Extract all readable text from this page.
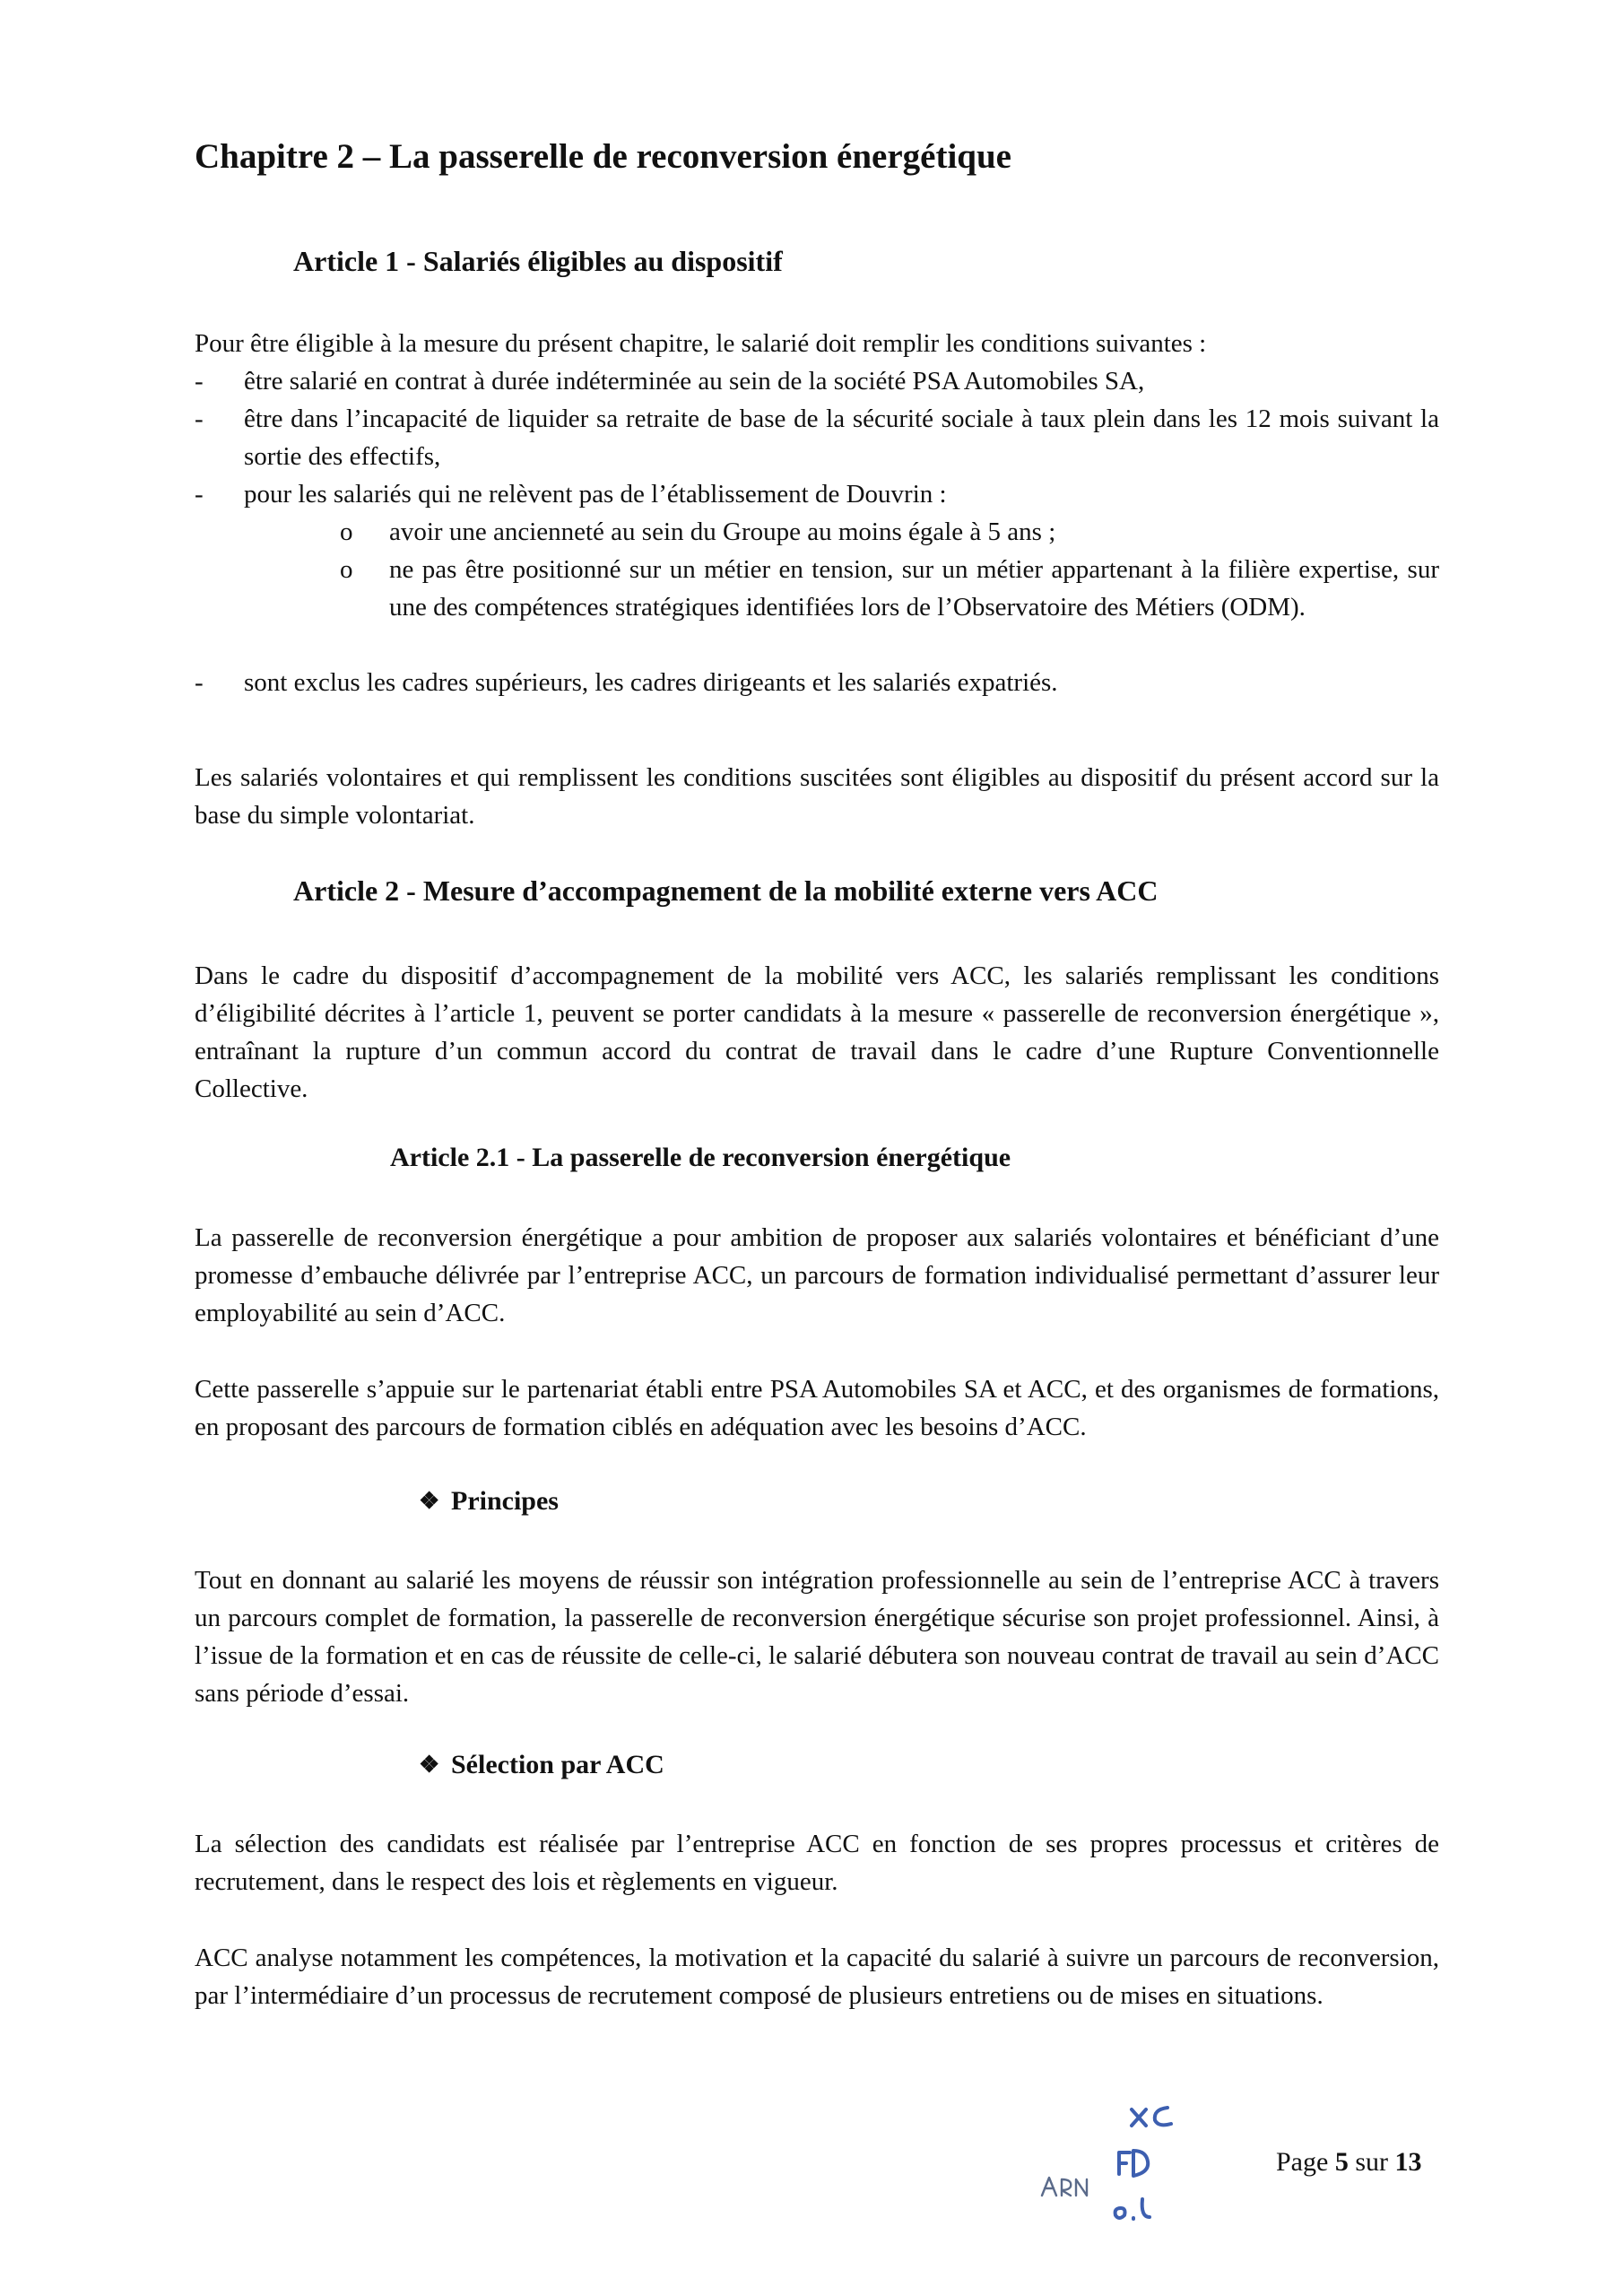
Chapitre 2 – La passerelle de reconversion énergétique
Article 1 - Salariés éligibles au dispositif
Pour être éligible à la mesure du présent chapitre, le salarié doit remplir les conditions suivantes :
- être salarié en contrat à durée indéterminée au sein de la société PSA Automobiles SA,
- être dans l’incapacité de liquider sa retraite de base de la sécurité sociale à taux plein dans les 12 mois suivant la sortie des effectifs,
- pour les salariés qui ne relèvent pas de l’établissement de Douvrin :
o avoir une ancienneté au sein du Groupe au moins égale à 5 ans ;
o ne pas être positionné sur un métier en tension, sur un métier appartenant à la filière expertise, sur une des compétences stratégiques identifiées lors de l’Observatoire des Métiers (ODM).
- sont exclus les cadres supérieurs, les cadres dirigeants et les salariés expatriés.
Les salariés volontaires et qui remplissent les conditions suscitées sont éligibles au dispositif du présent accord sur la base du simple volontariat.
Article 2 - Mesure d’accompagnement de la mobilité externe vers ACC
Dans le cadre du dispositif d’accompagnement de la mobilité vers ACC, les salariés remplissant les conditions d’éligibilité décrites à l’article 1, peuvent se porter candidats à la mesure « passerelle de reconversion énergétique », entraînant la rupture d’un commun accord du contrat de travail dans le cadre d’une Rupture Conventionnelle Collective.
Article 2.1 - La passerelle de reconversion énergétique
La passerelle de reconversion énergétique a pour ambition de proposer aux salariés volontaires et bénéficiant d’une promesse d’embauche délivrée par l’entreprise ACC, un parcours de formation individualisé permettant d’assurer leur employabilité au sein d’ACC.
Cette passerelle s’appuie sur le partenariat établi entre PSA Automobiles SA et ACC, et des organismes de formations, en proposant des parcours de formation ciblés en adéquation avec les besoins d’ACC.
❖ Principes
Tout en donnant au salarié les moyens de réussir son intégration professionnelle au sein de l’entreprise ACC à travers un parcours complet de formation, la passerelle de reconversion énergétique sécurise son projet professionnel. Ainsi, à l’issue de la formation et en cas de réussite de celle-ci, le salarié débutera son nouveau contrat de travail au sein d’ACC sans période d’essai.
❖ Sélection par ACC
La sélection des candidats est réalisée par l’entreprise ACC en fonction de ses propres processus et critères de recrutement, dans le respect des lois et règlements en vigueur.
ACC analyse notamment les compétences, la motivation et la capacité du salarié à suivre un parcours de reconversion, par l’intermédiaire d’un processus de recrutement composé de plusieurs entretiens ou de mises en situations.
Page 5 sur 13
